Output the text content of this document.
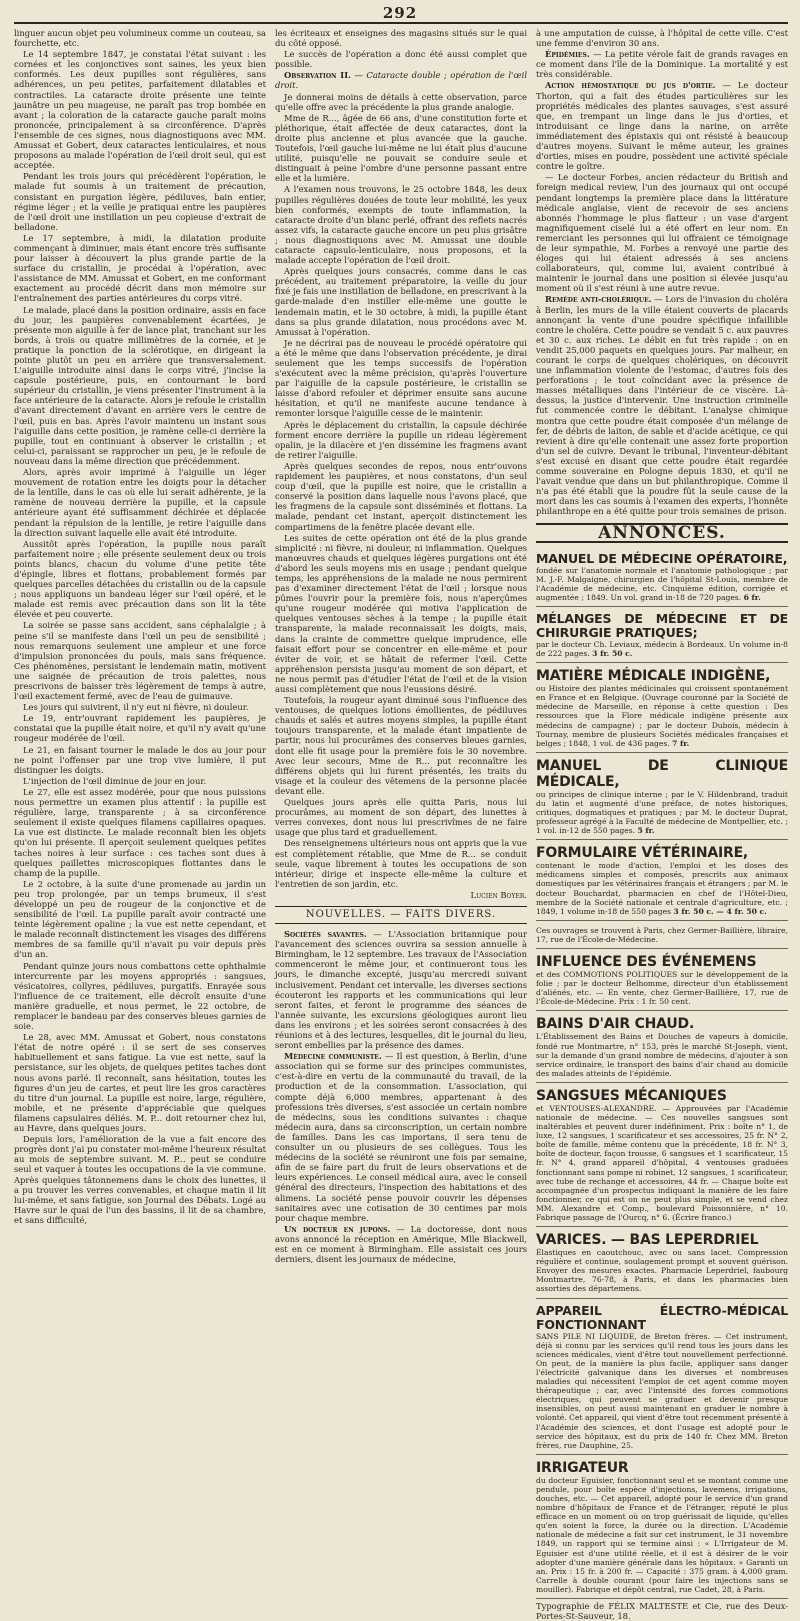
292

linguer aucun objet peu volumineux comme un couteau, sa fourchette, etc.

Le 14 septembre 1847, je constatai l'état suivant : les cornées et les conjonctives sont saines, les yeux bien conformés. Les deux pupilles sont régulières, sans adhérences, un peu petites, parfaitement dilatables et contractiles. La cataracte droite présente une teinte jaunâtre un peu nuageuse, ne paraît pas trop bombée en avant ; la coloration de la cataracte gauche paraît moins prononcée, principalement à sa circonférence. D'après l'ensemble de ces signes, nous diagnostiquons avec MM. Amussat et Gobert, deux cataractes lenticulaires, et nous proposons au malade l'opération de l'œil droit seul, qui est acceptée.

Pendant les trois jours qui précédèrent l'opération, le malade fut soumis à un traitement de précaution, consistant en purgation légère, pédiluves, bain entier, régime léger ; et la veille je pratiquai entre les paupières de l'œil droit une instillation un peu copieuse d'extrait de belladone.

Le 17 septembre, à midi, la dilatation produite commençant à diminuer, mais étant encore très suffisante pour laisser à découvert la plus grande partie de la surface du cristallin, je procédai à l'opération, avec l'assistance de MM. Amussat et Gobert, en me conformant exactement au procédé décrit dans mon mémoire sur l'entraînement des parties antérieures du corps vitré.

Le malade, placé dans la position ordinaire, assis en face du jour, les paupières convenablement écartées, je présente mon aiguille à fer de lance plat, tranchant sur les bords, à trois ou quatre millimètres de la cornée, et je pratique la ponction de la sclérotique, en dirigeant la pointe plutôt un peu en arrière que transversalement. L'aiguille introduite ainsi dans le corps vitré, j'incise la capsule postérieure, puis, en contournant le bord supérieur du cristallin, je viens présenter l'instrument à la face antérieure de la cataracte. Alors je refoule le cristallin d'avant directement d'avant en arrière vers le centre de l'œil, puis en bas. Après l'avoir maintenu un instant sous l'aiguille dans cette position, je ramène celle-ci derrière la pupille, tout en continuant à observer le cristallin ; et celui-ci, paraissant se rapprocher un peu, je le refoule de nouveau dans la même direction que précédemment.

Alors, après avoir imprimé à l'aiguille un léger mouvement de rotation entre les doigts pour la détacher de la lentille, dans le cas où elle lui serait adhérente, je la ramène de nouveau derrière la pupille, et la capsule antérieure ayant été suffisamment déchirée et déplacée pendant la répulsion de la lentille, je retire l'aiguille dans la direction suivant laquelle elle avait été introduite.

Aussitôt après l'opération, la pupille nous paraît parfaitement noire ; elle présente seulement deux ou trois points blancs, chacun du volume d'une petite tête d'épingle, libres et flottans, probablement formés par quelques parcelles détachées du cristallin ou de la capsule ; nous appliquons un bandeau léger sur l'œil opéré, et le malade est remis avec précaution dans son lit la tête élevée et peu couverte.

La soirée se passe sans accident, sans céphalalgie ; à peine s'il se manifeste dans l'œil un peu de sensibilité ; nous remarquons seulement une ampleur et une force d'impulsion prononcées du pouls, mais sans fréquence. Ces phénomènes, persistant le lendemain matin, motivent une saignée de précaution de trois palettes, nous prescrivons de baisser très légèrement de temps à autre, l'œil exactement fermé, avec de l'eau de guimauve.

Les jours qui suivirent, il n'y eut ni fièvre, ni douleur.

Le 19, entr'ouvrant rapidement les paupières, je constatai que la pupille était noire, et qu'il n'y avait qu'une rougeur modérée de l'œil.

Le 21, en faisant tourner le malade le dos au jour pour ne point l'offenser par une trop vive lumière, il put distinguer les doigts.

L'injection de l'œil diminue de jour en jour.

Le 27, elle est assez modérée, pour que nous puissions nous permettre un examen plus attentif : la pupille est régulière, large, transparente ; à sa circonférence seulement il existe quelques filamens capillaires opaques. La vue est distincte. Le malade reconnaît bien les objets qu'on lui présente. Il aperçoit seulement quelques petites taches noires à leur surface : ces taches sont dues à quelques paillettes microscopiques flottantes dans le champ de la pupille.

Le 2 octobre, à la suite d'une promenade au jardin un peu trop prolongée, par un temps brumeux, il s'est développé un peu de rougeur de la conjonctive et de sensibilité de l'œil. La pupille paraît avoir contracté une teinte légèrement opaline ; la vue est nette cependant, et le malade reconnaît distinctement les visages des différens membres de sa famille qu'il n'avait pu voir depuis près d'un an.

Pendant quinze jours nous combattons cette ophthalmie intercurrente par les moyens appropriés : sangsues, vésicatoires, collyres, pédiluves, purgatifs. Enrayée sous l'influence de ce traitement, elle décroît ensuite d'une manière graduelle, et nous permet, le 22 octobre, de remplacer le bandeau par des conserves bleues garnies de soie.

Le 28, avec MM. Amussat et Gobert, nous constatons l'état de notre opéré : il se sert de ses conserves habituellement et sans fatigue. La vue est nette, sauf la persistance, sur les objets, de quelques petites taches dont nous avons parlé. Il reconnaît, sans hésitation, toutes les figures d'un jeu de cartes, et peut lire les gros caractères du titre d'un journal. La pupille est noire, large, régulière, mobile, et ne présente d'appréciable que quelques filamens capsulaires déliés. M. P... doit retourner chez lui, au Havre, dans quelques jours.

Depuis lors, l'amélioration de la vue a fait encore des progrès dont j'ai pu constater moi-même l'heureux résultat au mois de septembre suivant. M. P... peut se conduire seul et vaquer à toutes les occupations de la vie commune. Après quelques tâtonnemens dans le choix des lunettes, il a pu trouver les verres convenables, et chaque matin il lit lui-même, et sans fatigue, son Journal des Débats. Logé au Havre sur le quai de l'un des bassins, il lit de sa chambre, et sans difficulté,

les écriteaux et enseignes des magasins situés sur le quai du côté opposé.

Le succès de l'opération a donc été aussi complet que possible.

Observation II. — Cataracte double ; opération de l'œil droit.

Je donnerai moins de détails à cette observation, parce qu'elle offre avec la précédente la plus grande analogie.

Mme de R..., âgée de 66 ans, d'une constitution forte et pléthorique, était affectée de deux cataractes, dont la droite plus ancienne et plus avancée que la gauche. Toutefois, l'œil gauche lui-même ne lui était plus d'aucune utilité, puisqu'elle ne pouvait se conduire seule et distinguait à peine l'ombre d'une personne passant entre elle et la lumière.

A l'examen nous trouvons, le 25 octobre 1848, les deux pupilles régulières douées de toute leur mobilité, les yeux bien conformés, exempts de toute inflammation, la cataracte droite d'un blanc perlé, offrant des reflets nacrés assez vifs, la cataracte gauche encore un peu plus grisâtre ; nous diagnostiquons avec M. Amussat une double cataracte capsulo-lenticulaire, nous proposons, et la malade accepte l'opération de l'œil droit.

Après quelques jours consacrés, comme dans le cas précédent, au traitement préparatoire, la veille du jour fixé je fais une instillation de belladone, en prescrivant à la garde-malade d'en instiller elle-même une goutte le lendemain matin, et le 30 octobre, à midi, la pupille étant dans sa plus grande dilatation, nous procédons avec M. Amussat à l'opération.

Je ne décrirai pas de nouveau le procédé opératoire qui a été le même que dans l'observation précédente, je dirai seulement que les temps successifs de l'opération s'exécutent avec la même précision, qu'après l'ouverture par l'aiguille de la capsule postérieure, le cristallin se laisse d'abord refouler et déprimer ensuite sans aucune hésitation, et qu'il ne manifeste aucune tendance à remonter lorsque l'aiguille cesse de le maintenir.

Après le déplacement du cristallin, la capsule déchirée forment encore derrière la pupille un rideau légèrement opalin, je la dilacère et j'en dissémine les fragmens avant de retirer l'aiguille.

Après quelques secondes de repos, nous entr'ouvons rapidement les paupières, et nous constatons, d'un seul coup d'œil, que la pupille est noire, que le cristallin a conservé la position dans laquelle nous l'avons placé, que les fragmens de la capsule sont disséminés et flottans. La malade, pendant cet instant, aperçoit distinctement les compartimens de la fenêtre placée devant elle.

Les suites de cette opération ont été de la plus grande simplicité : ni fièvre, ni douleur, ni inflammation. Quelques manœuvres chauds et quelques légères purgations ont été d'abord les seuls moyens mis en usage ; pendant quelque temps, les appréhensions de la malade ne nous permirent pas d'examiner directement l'état de l'œil ; lorsque nous pûmes l'ouvrir pour la première fois, nous n'aperçûmes qu'une rougeur modérée qui motiva l'application de quelques ventouses sèches à la tempe ; la pupille était transparente, la malade reconnaissait les doigts, mais, dans la crainte de commettre quelque imprudence, elle faisait effort pour se concentrer en elle-même et pour éviter de voir, et se hâtait de refermer l'œil. Cette appréhension persista jusqu'au moment de son départ, et ne nous permit pas d'étudier l'état de l'œil et de la vision aussi complètement que nous l'eussions désiré.

Toutefois, la rougeur ayant diminué sous l'influence des ventouses, de quelques lotions émollientes, de pédiluves chauds et salés et autres moyens simples, la pupille étant toujours transparente, et la malade étant impatiente de partir, nous lui procurâmes des conserves bleues garnies, dont elle fit usage pour la première fois le 30 novembre. Avec leur secours, Mme de R... put reconnaître les différens objets qui lui furent présentés, les traits du visage et la couleur des vêtemens de la personne placée devant elle.

Quelques jours après elle quitta Paris, nous lui procurâmes, au moment de son départ, des lunettes à verres convexes, dont nous lui prescrivîmes de ne faire usage que plus tard et graduellement.

Des renseignemens ultérieurs nous ont appris que la vue est complètement rétablie, que Mme de R... se conduit seule, vaque librement à toutes les occupations de son intérieur, dirige et inspecte elle-même la culture et l'entretien de son jardin, etc.

Lucien Boyer.

NOUVELLES. — FAITS DIVERS.

Sociétés savantes. — L'Association britannique pour l'avancement des sciences ouvrira sa session annuelle à Birmingham, le 12 septembre. Les travaux de l'Association commenceront le même jour, et continueront tous les jours, le dimanche excepté, jusqu'au mercredi suivant inclusivement. Pendant cet intervalle, les diverses sections écouteront les rapports et les communications qui leur seront faites, et feront le programme des séances de l'année suivante, les excursions géologiques auront lieu dans les environs ; et les soirées seront consacrées à des réunions et à des lectures, lesquelles, dit le journal du lieu, seront embellies par la présence des dames.

Médecine communiste. — Il est question, à Berlin, d'une association qui se forme sur des principes communistes, c'est-à-dire en vertu de la communauté du travail, de la production et de la consommation. L'association, qui compte déjà 6,000 membres, appartenant à des professions très diverses, s'est associée un certain nombre de médecins, sous les conditions suivantes : chaque médecin aura, dans sa circonscription, un certain nombre de familles. Dans les cas importans, il sera tenu de consulter un ou plusieurs de ses collègues. Tous les médecins de la société se réuniront une fois par semaine, afin de se faire part du fruit de leurs observations et de leurs expériences. Le conseil médical aura, avec le conseil général des directeurs, l'inspection des habitations et des alimens. La société pense pouvoir couvrir les dépenses sanitaires avec une cotisation de 30 centimes par mois pour chaque membre.

Un docteur en jupons. — La doctoresse, dont nous avons annoncé la réception en Amérique, Mlle Blackwell, est en ce moment à Birmingham. Elle assistait ces jours derniers, disent les journaux de médecine,

à une amputation de cuisse, à l'hôpital de cette ville. C'est une femme d'environ 30 ans.

Épidémies. — La petite vérole fait de grands ravages en ce moment dans l'île de la Dominique. La mortalité y est très considérable.

Action hémostatique du jus d'ortie. — Le docteur Thorton, qui a fait des études particulières sur les propriétés médicales des plantes sauvages, s'est assuré que, en trempant un linge dans le jus d'orties, et introduisant ce linge dans la narine, on arrête immédiatement des épistaxis qui ont résisté à beaucoup d'autres moyens. Suivant le même auteur, les graines d'orties, mises en poudre, possèdent une activité spéciale contre le goître.

— Le docteur Forbes, ancien rédacteur du British and foreign medical review, l'un des journaux qui ont occupé pendant longtemps la première place dans la littérature médicale anglaise, vient de recevoir de ses anciens abonnés l'hommage le plus flatteur : un vase d'argent magnifiquement ciselé lui a été offert en leur nom. En remerciant les personnes qui lui offraient ce témoignage de leur sympathie, M. Forbes a renvoyé une partie des éloges qui lui étaient adressés à ses anciens collaborateurs, qui, comme lui, avaient contribué à maintenir le journal dans une position si élevée jusqu'au moment où il s'est réuni à une autre revue.

Remède anti-cholérique. — Lors de l'invasion du choléra à Berlin, les murs de la ville étaient couverts de placards annonçant la vente d'une poudre spécifique infaillible contre le choléra. Cette poudre se vendait 5 c. aux pauvres et 30 c. aux riches. Le débit en fut très rapide : on en vendit 25,000 paquets en quelques jours. Par malheur, en courant le corps de quelques cholériques, on découvrit une inflammation violente de l'estomac, d'autres fois des perforations ; le tout coïncidant avec la présence de masses métalliques dans l'intérieur de ce viscère. Là-dessus, la justice d'intervenir. Une instruction criminelle fut commencée contre le débitant. L'analyse chimique montra que cette poudre était composée d'un mélange de fer, de débris de laiton, de sable et d'acide acétique, ce qui revient à dire qu'elle contenait une assez forte proportion d'un sel de cuivre. Devant le tribunal, l'inventeur-débitant s'est excusé en disant que cette poudre était regardée comme souveraine en Pologne depuis 1830, et qu'il ne l'avait vendue que dans un but philanthropique. Comme il n'a pas été établi que la poudre fût la seule cause de la mort dans les cas soumis à l'examen des experts, l'honnête philanthrope en a été quitte pour trois semaines de prison.

ANNONCES.
MANUEL DE MÉDECINE OPÉRATOIRE,
fondée sur l'anatomie normale et l'anatomie pathologique ; par M. J.-F. Malgaigne, chirurgien de l'hôpital St-Louis, membre de l'Académie de médecine, etc. Cinquième édition, corrigée et augmentée ; 1849. Un vol. grand in-18 de 720 pages. 6 fr.
MÉLANGES DE MÉDECINE ET DE CHIRURGIE PRATIQUES;
par le docteur Ch. Leviaux, médecin à Bordeaux. Un volume in-8 de 222 pages. 3 fr. 50 c.
MATIÈRE MÉDICALE INDIGÈNE,
ou Histoire des plantes médicinales qui croissent spontanément en France et en Belgique. (Ouvrage couronné par la Société de médecine de Marseille, en réponse à cette question : Des ressources que la Flore médicale indigène présente aux médecins de campagne) ; par le docteur Dubois, médecin à Tournay, membre de plusieurs Sociétés médicales françaises et belges ; 1848, 1 vol. de 436 pages. 7 fr.
MANUEL DE CLINIQUE MÉDICALE,
ou principes de clinique interne ; par le V. Hildenbrand, traduit du latin et augmenté d'une préface, de notes historiques, critiques, dogmatiques et pratiques ; par M. le docteur Duprat, professeur agrégé à la Faculté de médecine de Montpellier, etc. ; 1 vol. in-12 de 550 pages. 5 fr.
FORMULAIRE VÉTÉRINAIRE,
contenant le mode d'action, l'emploi et les doses des médicamens simples et composés, prescrits aux animaux domestiques par les vétérinaires français et étrangers ; par M. le docteur Bouchardat, pharmacien en chef de l'Hôtel-Dieu, membre de la Société nationale et centrale d'agriculture, etc. ; 1849, 1 volume in-18 de 550 pages 3 fr. 50 c. — 4 fr. 50 c.
Ces ouvrages se trouvent à Paris, chez Germer-Baillière, libraire, 17, rue de l'École-de-Médecine.
INFLUENCE DES ÉVÉNEMENS
et des COMMOTIONS POLITIQUES sur le développement de la folie ; par le docteur Belhomme, directeur d'un établissement d'aliénés, etc. — En vente, chez Germer-Baillière, 17, rue de l'École-de-Médecine. Prix : 1 fr. 50 cent.
BAINS D'AIR CHAUD.
L'Établissement des Bains et Douches de vapeurs à domicile, fondé rue Montmartre, n° 153, près le marché St-Joseph, vient, sur la demande d'un grand nombre de médecins, d'ajouter à son service ordinaire, le transport des bains d'air chaud au domicile des malades atteints de l'épidémie.
SANGSUES MÉCANIQUES
et VENTOUSES-ALEXANDRE. — Approuvées par l'Académie nationale de médecine. — Ces nouvelles sangsues sont inaltérables et peuvent durer indéfiniment. Prix : boîte n° 1, de luxe, 12 sangsues, 1 scarificateur et ses accessoires, 25 fr. N° 2, boîte de famille, même contenu que la précédente, 18 fr. N° 3, boîte de docteur, façon trousse, 6 sangsues et 1 scarificateur, 15 fr. N° 4, grand appareil d'hôpital, 4 ventouses graduées fonctionnant sans pompe ni robinet, 12 sangsues, 1 scarificateur, avec tube de rechange et accessoires, 44 fr. — Chaque boîte est accompagnée d'un prospectus indiquant la manière de les faire fonctionner, ce qui est on ne peut plus simple, et se vend chez MM. Alexandre et Comp., boulevard Poissonnière, n° 10. Fabrique passage de l'Ourcq, n° 6. (Écrire franco.)
VARICES. — BAS LEPERDRIEL
Élastiques en caoutchouc, avec ou sans lacet. Compression régulière et continue, soulagement prompt et souvent guérison. Envoyer des mesures exactes. Pharmacie Leperdriel, faubourg Montmartre, 76-78, à Paris, et dans les pharmacies bien assorties des départemens.
APPAREIL ÉLECTRO-MÉDICAL FONCTIONNANT
SANS PILE NI LIQUIDE, de Breton frères. — Cet instrument, déjà si connu par les services qu'il rend tous les jours dans les sciences médicales, vient d'être tout nouvellement perfectionné. On peut, de la manière la plus facile, appliquer sans danger l'électricité galvanique dans les diverses et nombreuses maladies qui nécessitent l'emploi de cet agent comme moyen thérapeutique ; car, avec l'intensité des forces commotions électriques, qui peuvent se graduer et devenir presque insensibles, on peut aussi maintenant en graduer le nombre à volonté. Cet appareil, qui vient d'être tout récemment présenté à l'Académie des sciences, et dont l'usage est adopté pour le service des hôpitaux, est du prix de 140 fr. Chez MM. Breton frères, rue Dauphine, 25.
IRRIGATEUR
du docteur Eguisier, fonctionnant seul et se montant comme une pendule, pour boîte espèce d'injections, lavemens, irrigations, douches, etc. — Cet appareil, adopté pour le service d'un grand nombre d'hôpitaux de France et de l'étranger, réputé le plus efficace en un moment où on trop guérissait de liquide, qu'elles qu'en soient la force, la durée ou la direction. L'Académie nationale de médecine a fait sur cet instrument, le 31 novembre 1849, un rapport qui se termine ainsi : « L'Irrigateur de M. Eguisier est d'une utilité réelle, et il est à désirer de le voir adopter d'une manière générale dans les hôpitaux. » Garanti un an. Prix : 15 fr. à 200 fr. — Capacité : 375 gram. à 4,000 gram. Carrelle à double courant (pour faire les injections sans se mouiller). Fabrique et dépôt central, rue Cadet, 28, à Paris.

Typographie de FÉLIX MALTESTE et Cie, rue des Deux-Portes-St-Sauveur, 18.
